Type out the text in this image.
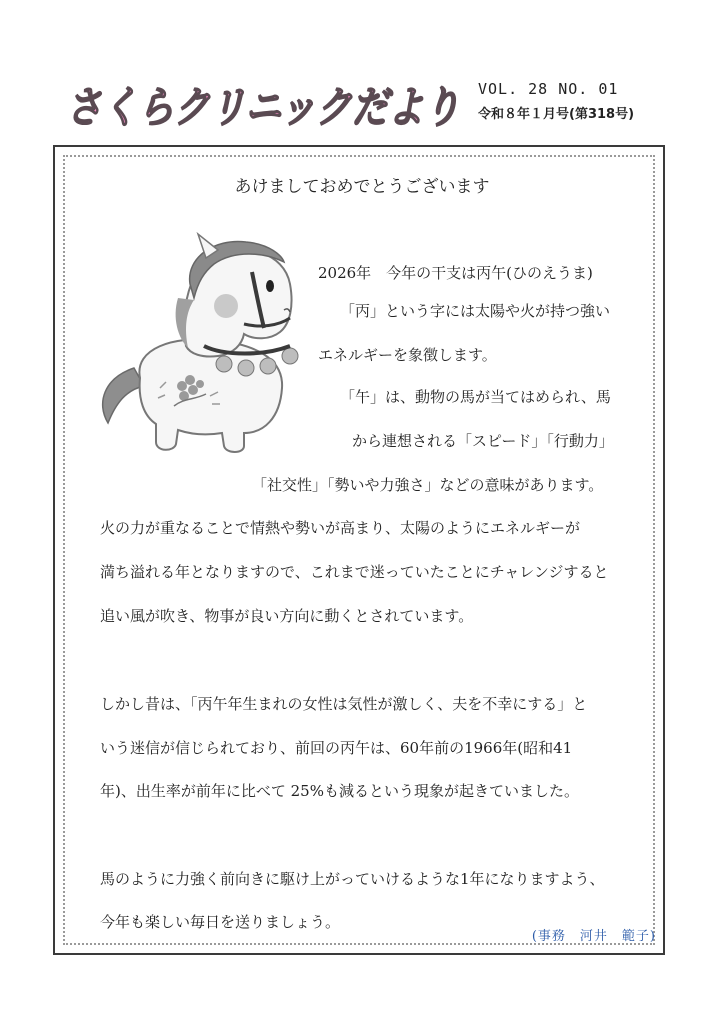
さくらクリニックだより VOL. 28 NO. 01
令和８年１月号(第318号)
あけましておめでとうございます
2026年　今年の干支は丙午(ひのえうま)
「丙」という字には太陽や火が持つ強い
エネルギーを象徴します。
「午」は、動物の馬が当てはめられ、馬
から連想される「スピード」「行動力」
「社交性」「勢いや力強さ」などの意味があります。
火の力が重なることで情熱や勢いが高まり、太陽のようにエネルギーが
満ち溢れる年となりますので、これまで迷っていたことにチャレンジすると
追い風が吹き、物事が良い方向に動くとされています。
しかし昔は、「丙午年生まれの女性は気性が激しく、夫を不幸にする」と
いう迷信が信じられており、前回の丙午は、60年前の1966年(昭和41
年)、出生率が前年に比べて 25%も減るという現象が起きていました。
馬のように力強く前向きに駆け上がっていけるような1年になりますよう、
今年も楽しい毎日を送りましょう。
(事務　河井　範子)
